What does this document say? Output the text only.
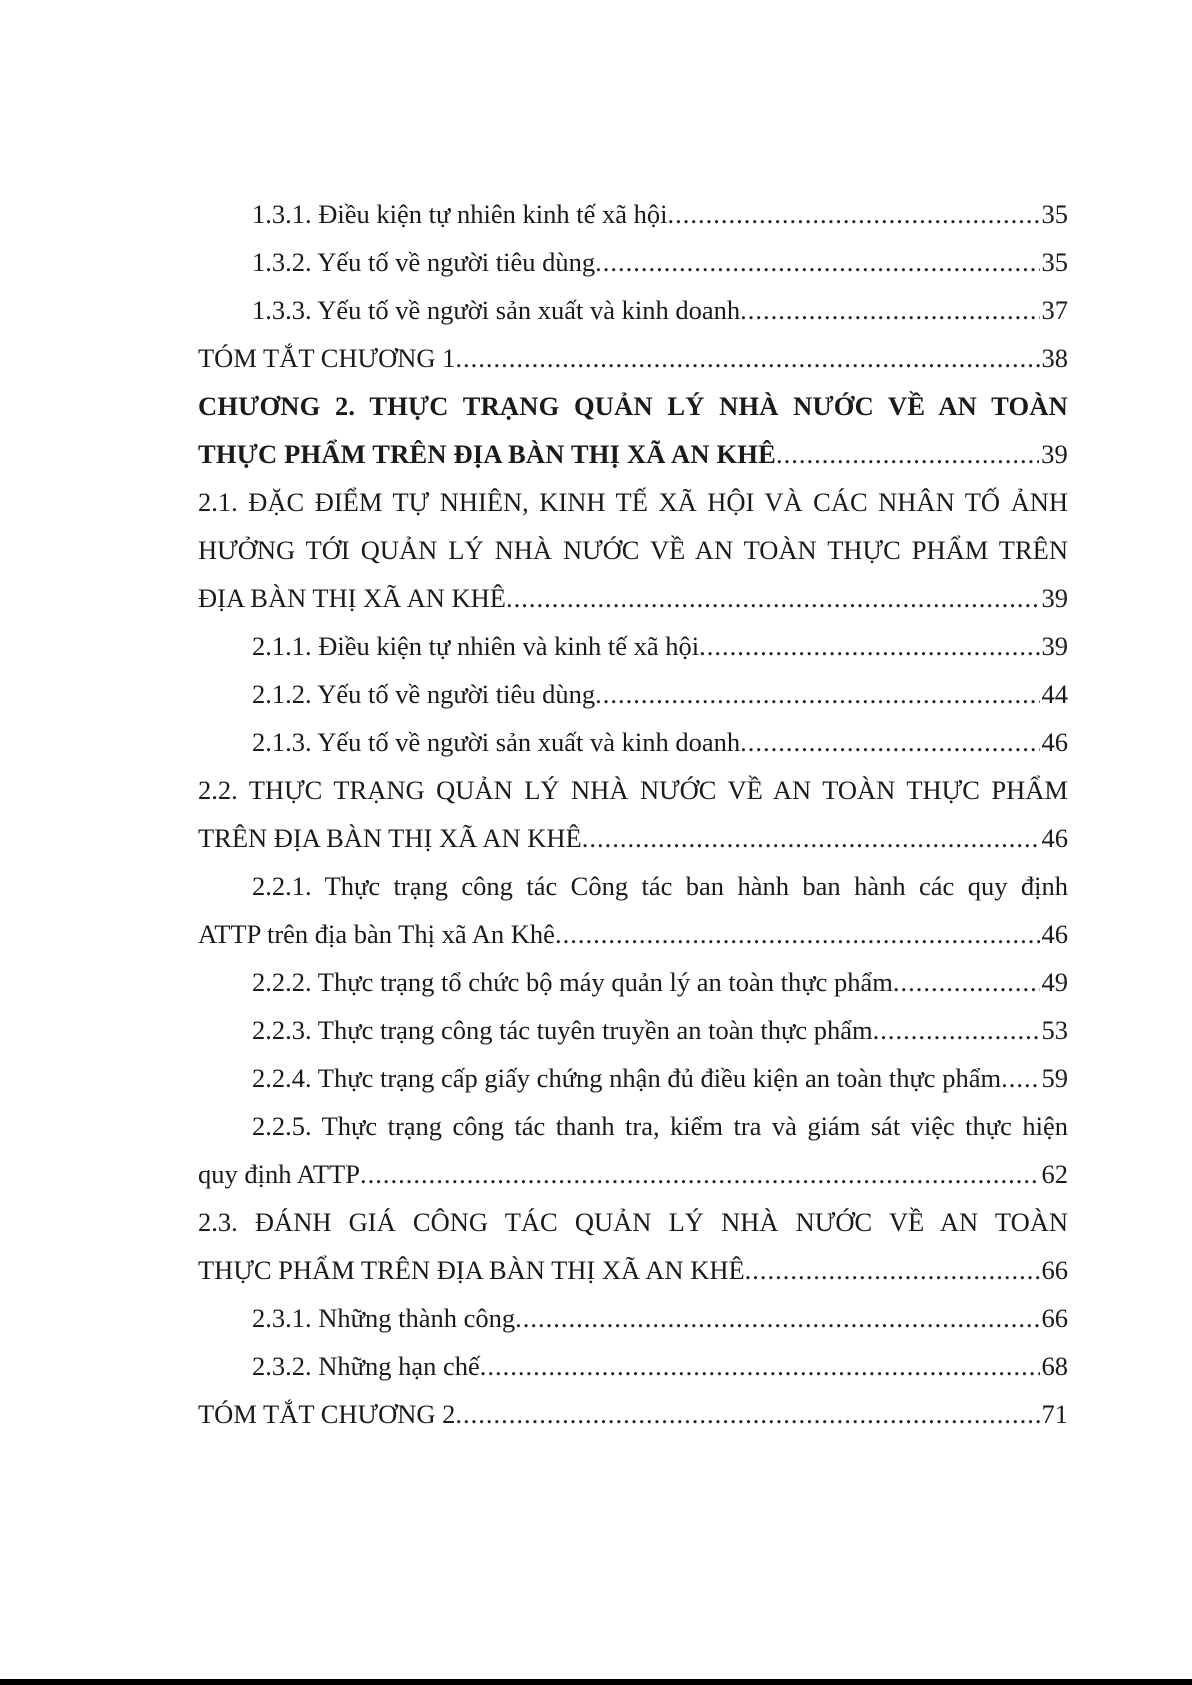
1.3.1. Điều kiện tự nhiên kinh tế xã hội .....	35
1.3.2. Yếu tố về người tiêu dùng .....	35
1.3.3. Yếu tố về người sản xuất và kinh doanh .....	37
TÓM TẮT CHƯƠNG 1 .....	38
CHƯƠNG 2. THỰC TRẠNG QUẢN LÝ NHÀ NƯỚC VỀ AN TOÀN
THỰC PHẨM TRÊN ĐỊA BÀN THỊ XÃ AN KHÊ .....	39
2.1. ĐẶC ĐIỂM TỰ NHIÊN, KINH TẾ XÃ HỘI VÀ CÁC NHÂN TỐ ẢNH
HƯỞNG TỚI QUẢN LÝ NHÀ NƯỚC VỀ AN TOÀN THỰC PHẨM TRÊN
ĐỊA BÀN THỊ XÃ AN KHÊ .....	39
2.1.1. Điều kiện tự nhiên và kinh tế xã hội .....	39
2.1.2. Yếu tố về người tiêu dùng .....	44
2.1.3. Yếu tố về người sản xuất và kinh doanh .....	46
2.2. THỰC TRẠNG QUẢN LÝ NHÀ NƯỚC VỀ AN TOÀN THỰC PHẨM
TRÊN ĐỊA BÀN THỊ XÃ AN KHÊ .....	46
2.2.1. Thực trạng công tác Công tác ban hành ban hành các quy định
ATTP trên địa bàn Thị xã An Khê .....	46
2.2.2. Thực trạng tổ chức bộ máy quản lý an toàn thực phẩm .....	49
2.2.3. Thực trạng công tác tuyên truyền an toàn thực phẩm .....	53
2.2.4. Thực trạng cấp giấy chứng nhận đủ điều kiện an toàn thực phẩm ..... 59
2.2.5. Thực trạng công tác thanh tra, kiểm tra và giám sát việc thực hiện
quy định ATTP .....	62
2.3. ĐÁNH GIÁ CÔNG TÁC QUẢN LÝ NHÀ NƯỚC VỀ AN TOÀN
THỰC PHẨM TRÊN ĐỊA BÀN THỊ XÃ AN KHÊ .....	66
2.3.1. Những thành công .....	66
2.3.2. Những hạn chế .....	68
TÓM TẮT CHƯƠNG 2 .....	71
